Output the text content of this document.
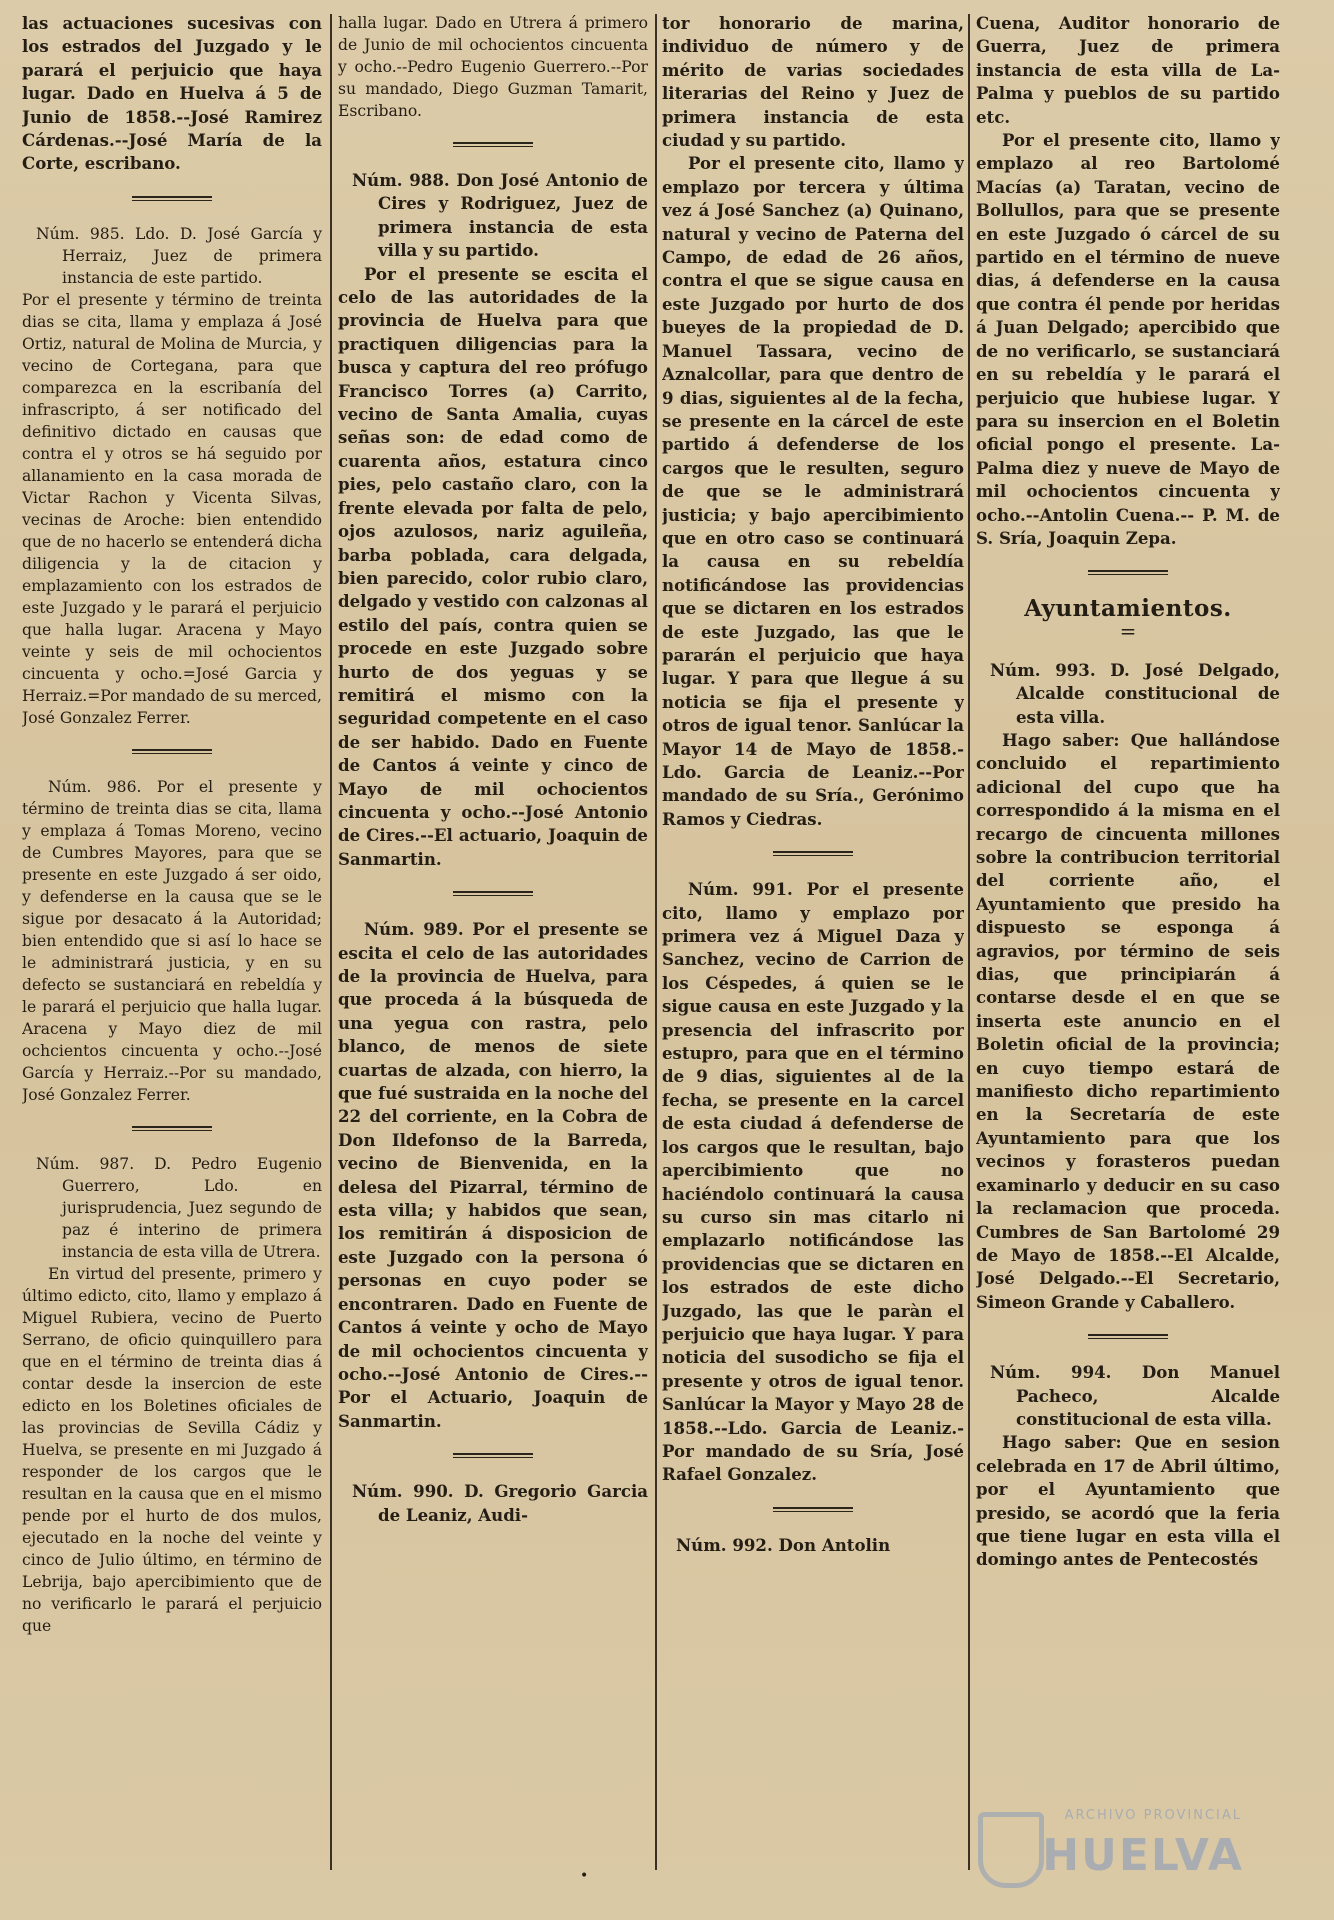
las actuaciones sucesivas con los estrados del Juzgado y le parará el perjuicio que haya lugar. Dado en Huelva á 5 de Junio de 1858.--José Ramirez Cárdenas.--José María de la Corte, escribano.

Núm. 985. Ldo. D. José García y Herraiz, Juez de primera instancia de este partido.

Por el presente y término de treinta dias se cita, llama y emplaza á José Ortiz, natural de Molina de Murcia, y vecino de Cortegana, para que comparezca en la escribanía del infrascripto, á ser notificado del definitivo dictado en causas que contra el y otros se há seguido por allanamiento en la casa morada de Victar Rachon y Vicenta Silvas, vecinas de Aroche: bien entendido que de no hacerlo se entenderá dicha diligencia y la de citacion y emplazamiento con los estrados de este Juzgado y le parará el perjuicio que halla lugar. Aracena y Mayo veinte y seis de mil ochocientos cincuenta y ocho.=José Garcia y Herraiz.=Por mandado de su merced, José Gonzalez Ferrer.

Núm. 986. Por el presente y término de treinta dias se cita, llama y emplaza á Tomas Moreno, vecino de Cumbres Mayores, para que se presente en este Juzgado á ser oido, y defenderse en la causa que se le sigue por desacato á la Autoridad; bien entendido que si así lo hace se le administrará justicia, y en su defecto se sustanciará en rebeldía y le parará el perjuicio que halla lugar. Aracena y Mayo diez de mil ochcientos cincuenta y ocho.--José García y Herraiz.--Por su mandado, José Gonzalez Ferrer.

Núm. 987. D. Pedro Eugenio Guerrero, Ldo. en jurisprudencia, Juez segundo de paz é interino de primera instancia de esta villa de Utrera.

En virtud del presente, primero y último edicto, cito, llamo y emplazo á Miguel Rubiera, vecino de Puerto Serrano, de oficio quinquillero para que en el término de treinta dias á contar desde la insercion de este edicto en los Boletines oficiales de las provincias de Sevilla Cádiz y Huelva, se presente en mi Juzgado á responder de los cargos que le resultan en la causa que en el mismo pende por el hurto de dos mulos, ejecutado en la noche del veinte y cinco de Julio último, en término de Lebrija, bajo apercibimiento que de no verificarlo le parará el perjuicio que

halla lugar. Dado en Utrera á primero de Junio de mil ochocientos cincuenta y ocho.--Pedro Eugenio Guerrero.--Por su mandado, Diego Guzman Tamarit, Escribano.

Núm. 988. Don José Antonio de Cires y Rodriguez, Juez de primera instancia de esta villa y su partido.

Por el presente se escita el celo de las autoridades de la provincia de Huelva para que practiquen diligencias para la busca y captura del reo prófugo Francisco Torres (a) Carrito, vecino de Santa Amalia, cuyas señas son: de edad como de cuarenta años, estatura cinco pies, pelo castaño claro, con la frente elevada por falta de pelo, ojos azulosos, nariz aguileña, barba poblada, cara delgada, bien parecido, color rubio claro, delgado y vestido con calzonas al estilo del país, contra quien se procede en este Juzgado sobre hurto de dos yeguas y se remitirá el mismo con la seguridad competente en el caso de ser habido. Dado en Fuente de Cantos á veinte y cinco de Mayo de mil ochocientos cincuenta y ocho.--José Antonio de Cires.--El actuario, Joaquin de Sanmartin.

Núm. 989. Por el presente se escita el celo de las autoridades de la provincia de Huelva, para que proceda á la búsqueda de una yegua con rastra, pelo blanco, de menos de siete cuartas de alzada, con hierro, la que fué sustraida en la noche del 22 del corriente, en la Cobra de Don Ildefonso de la Barreda, vecino de Bienvenida, en la delesa del Pizarral, término de esta villa; y habidos que sean, los remitirán á disposicion de este Juzgado con la persona ó personas en cuyo poder se encontraren. Dado en Fuente de Cantos á veinte y ocho de Mayo de mil ochocientos cincuenta y ocho.--José Antonio de Cires.--Por el Actuario, Joaquin de Sanmartin.

Núm. 990. D. Gregorio Garcia de Leaniz, Audi-

tor honorario de marina, individuo de número y de mérito de varias sociedades literarias del Reino y Juez de primera instancia de esta ciudad y su partido.

Por el presente cito, llamo y emplazo por tercera y última vez á José Sanchez (a) Quinano, natural y vecino de Paterna del Campo, de edad de 26 años, contra el que se sigue causa en este Juzgado por hurto de dos bueyes de la propiedad de D. Manuel Tassara, vecino de Aznalcollar, para que dentro de 9 dias, siguientes al de la fecha, se presente en la cárcel de este partido á defenderse de los cargos que le resulten, seguro de que se le administrará justicia; y bajo apercibimiento que en otro caso se continuará la causa en su rebeldía notificándose las providencias que se dictaren en los estrados de este Juzgado, las que le pararán el perjuicio que haya lugar. Y para que llegue á su noticia se fija el presente y otros de igual tenor. Sanlúcar la Mayor 14 de Mayo de 1858.-Ldo. Garcia de Leaniz.--Por mandado de su Sría., Gerónimo Ramos y Ciedras.

Núm. 991. Por el presente cito, llamo y emplazo por primera vez á Miguel Daza y Sanchez, vecino de Carrion de los Céspedes, á quien se le sigue causa en este Juzgado y la presencia del infrascrito por estupro, para que en el término de 9 dias, siguientes al de la fecha, se presente en la carcel de esta ciudad á defenderse de los cargos que le resultan, bajo apercibimiento que no haciéndolo continuará la causa su curso sin mas citarlo ni emplazarlo notificándose las providencias que se dictaren en los estrados de este dicho Juzgado, las que le paràn el perjuicio que haya lugar. Y para noticia del susodicho se fija el presente y otros de igual tenor. Sanlúcar la Mayor y Mayo 28 de 1858.--Ldo. Garcia de Leaniz.-Por mandado de su Sría, José Rafael Gonzalez.

Núm. 992. Don Antolin

Cuena, Auditor honorario de Guerra, Juez de primera instancia de esta villa de La-Palma y pueblos de su partido etc.

Por el presente cito, llamo y emplazo al reo Bartolomé Macías (a) Taratan, vecino de Bollullos, para que se presente en este Juzgado ó cárcel de su partido en el término de nueve dias, á defenderse en la causa que contra él pende por heridas á Juan Delgado; apercibido que de no verificarlo, se sustanciará en su rebeldía y le parará el perjuicio que hubiese lugar. Y para su insercion en el Boletin oficial pongo el presente. La-Palma diez y nueve de Mayo de mil ochocientos cincuenta y ocho.--Antolin Cuena.-- P. M. de S. Sría, Joaquin Zepa.

Ayuntamientos.

=

Núm. 993. D. José Delgado, Alcalde constitucional de esta villa.

Hago saber: Que hallándose concluido el repartimiento adicional del cupo que ha correspondido á la misma en el recargo de cincuenta millones sobre la contribucion territorial del corriente año, el Ayuntamiento que presido ha dispuesto se esponga á agravios, por término de seis dias, que principiarán á contarse desde el en que se inserta este anuncio en el Boletin oficial de la provincia; en cuyo tiempo estará de manifiesto dicho repartimiento en la Secretaría de este Ayuntamiento para que los vecinos y forasteros puedan examinarlo y deducir en su caso la reclamacion que proceda. Cumbres de San Bartolomé 29 de Mayo de 1858.--El Alcalde, José Delgado.--El Secretario, Simeon Grande y Caballero.

Núm. 994. Don Manuel Pacheco, Alcalde constitucional de esta villa.

Hago saber: Que en sesion celebrada en 17 de Abril último, por el Ayuntamiento que presido, se acordó que la feria que tiene lugar en esta villa el domingo antes de Pentecostés

•
ARCHIVO PROVINCIAL
HUELVA
